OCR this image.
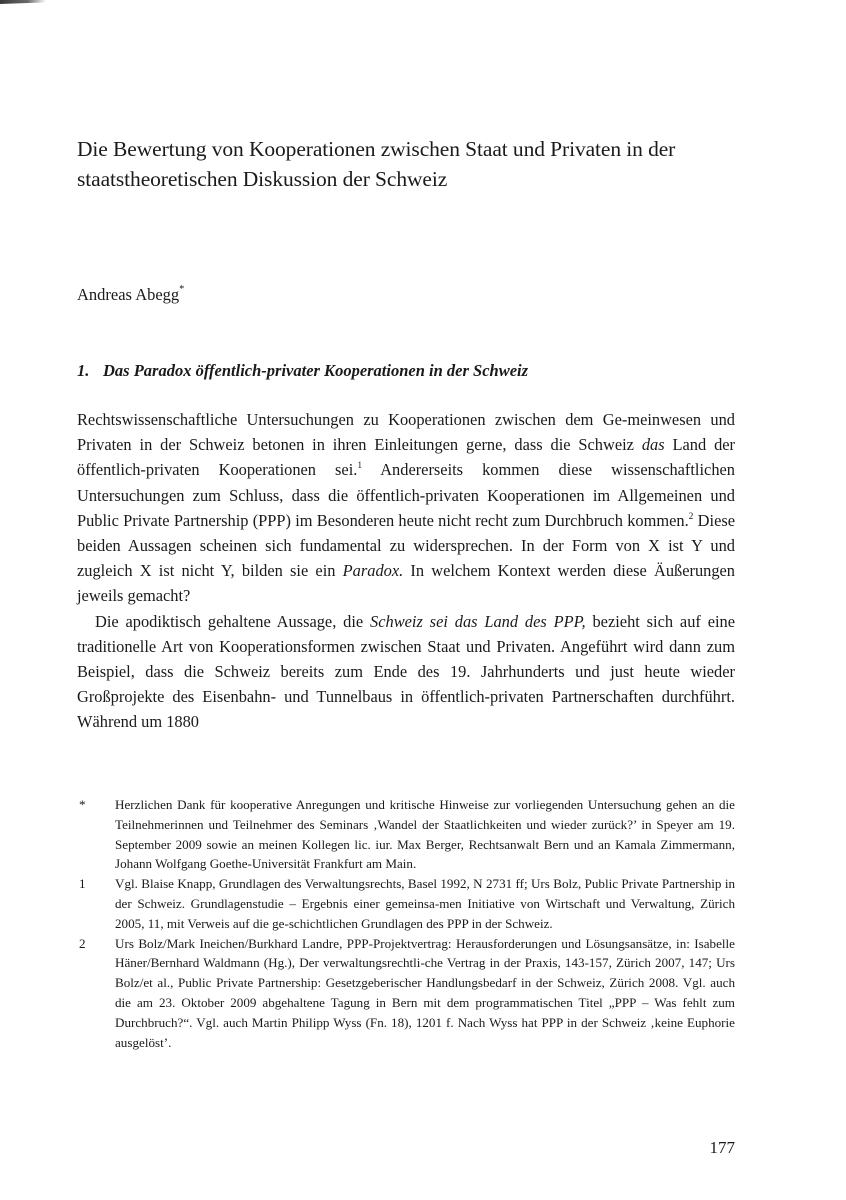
Die Bewertung von Kooperationen zwischen Staat und Privaten in der
staatstheoretischen Diskussion der Schweiz

Andreas Abegg*

1. Das Paradox öffentlich-privater Kooperationen in der Schweiz

Rechtswissenschaftliche Untersuchungen zu Kooperationen zwischen dem Ge-meinwesen und Privaten in der Schweiz betonen in ihren Einleitungen gerne, dass die Schweiz das Land der öffentlich-privaten Kooperationen sei.$^1$ Andererseits kommen diese wissenschaftlichen Untersuchungen zum Schluss, dass die öffentlich-privaten Kooperationen im Allgemeinen und Public Private Partnership (PPP) im Besonderen heute nicht recht zum Durchbruch kommen.$^2$ Diese beiden Aussagen scheinen sich fundamental zu widersprechen. In der Form von X ist Y und zugleich X ist nicht Y, bilden sie ein Paradox. In welchem Kontext werden diese Äußerungen jeweils gemacht?

Die apodiktisch gehaltene Aussage, die Schweiz sei das Land des PPP, bezieht sich auf eine traditionelle Art von Kooperationsformen zwischen Staat und Privaten. Angeführt wird dann zum Beispiel, dass die Schweiz bereits zum Ende des 19. Jahrhunderts und just heute wieder Großprojekte des Eisenbahn- und Tunnelbaus in öffentlich-privaten Partnerschaften durchführt. Während um 1880

*	Herzlichen Dank für kooperative Anregungen und kritische Hinweise zur vorliegenden Untersuchung gehen an die Teilnehmerinnen und Teilnehmer des Seminars ‚Wandel der Staatlichkeiten und wieder zurück?’ in Speyer am 19. September 2009 sowie an meinen Kollegen lic. iur. Max Berger, Rechtsanwalt Bern und an Kamala Zimmermann, Johann Wolfgang Goethe-Universität Frankfurt am Main.
1	Vgl. Blaise Knapp, Grundlagen des Verwaltungsrechts, Basel 1992, N 2731 ff; Urs Bolz, Public Private Partnership in der Schweiz. Grundlagenstudie – Ergebnis einer gemeinsa-men Initiative von Wirtschaft und Verwaltung, Zürich 2005, 11, mit Verweis auf die ge-schichtlichen Grundlagen des PPP in der Schweiz.
2	Urs Bolz/Mark Ineichen/Burkhard Landre, PPP-Projektvertrag: Herausforderungen und Lösungsansätze, in: Isabelle Häner/Bernhard Waldmann (Hg.), Der verwaltungsrechtli-che Vertrag in der Praxis, 143-157, Zürich 2007, 147; Urs Bolz/et al., Public Private Partnership: Gesetzgeberischer Handlungsbedarf in der Schweiz, Zürich 2008. Vgl. auch die am 23. Oktober 2009 abgehaltene Tagung in Bern mit dem programmatischen Titel „PPP – Was fehlt zum Durchbruch?“. Vgl. auch Martin Philipp Wyss (Fn. 18), 1201 f. Nach Wyss hat PPP in der Schweiz ‚keine Euphorie ausgelöst’.

177
